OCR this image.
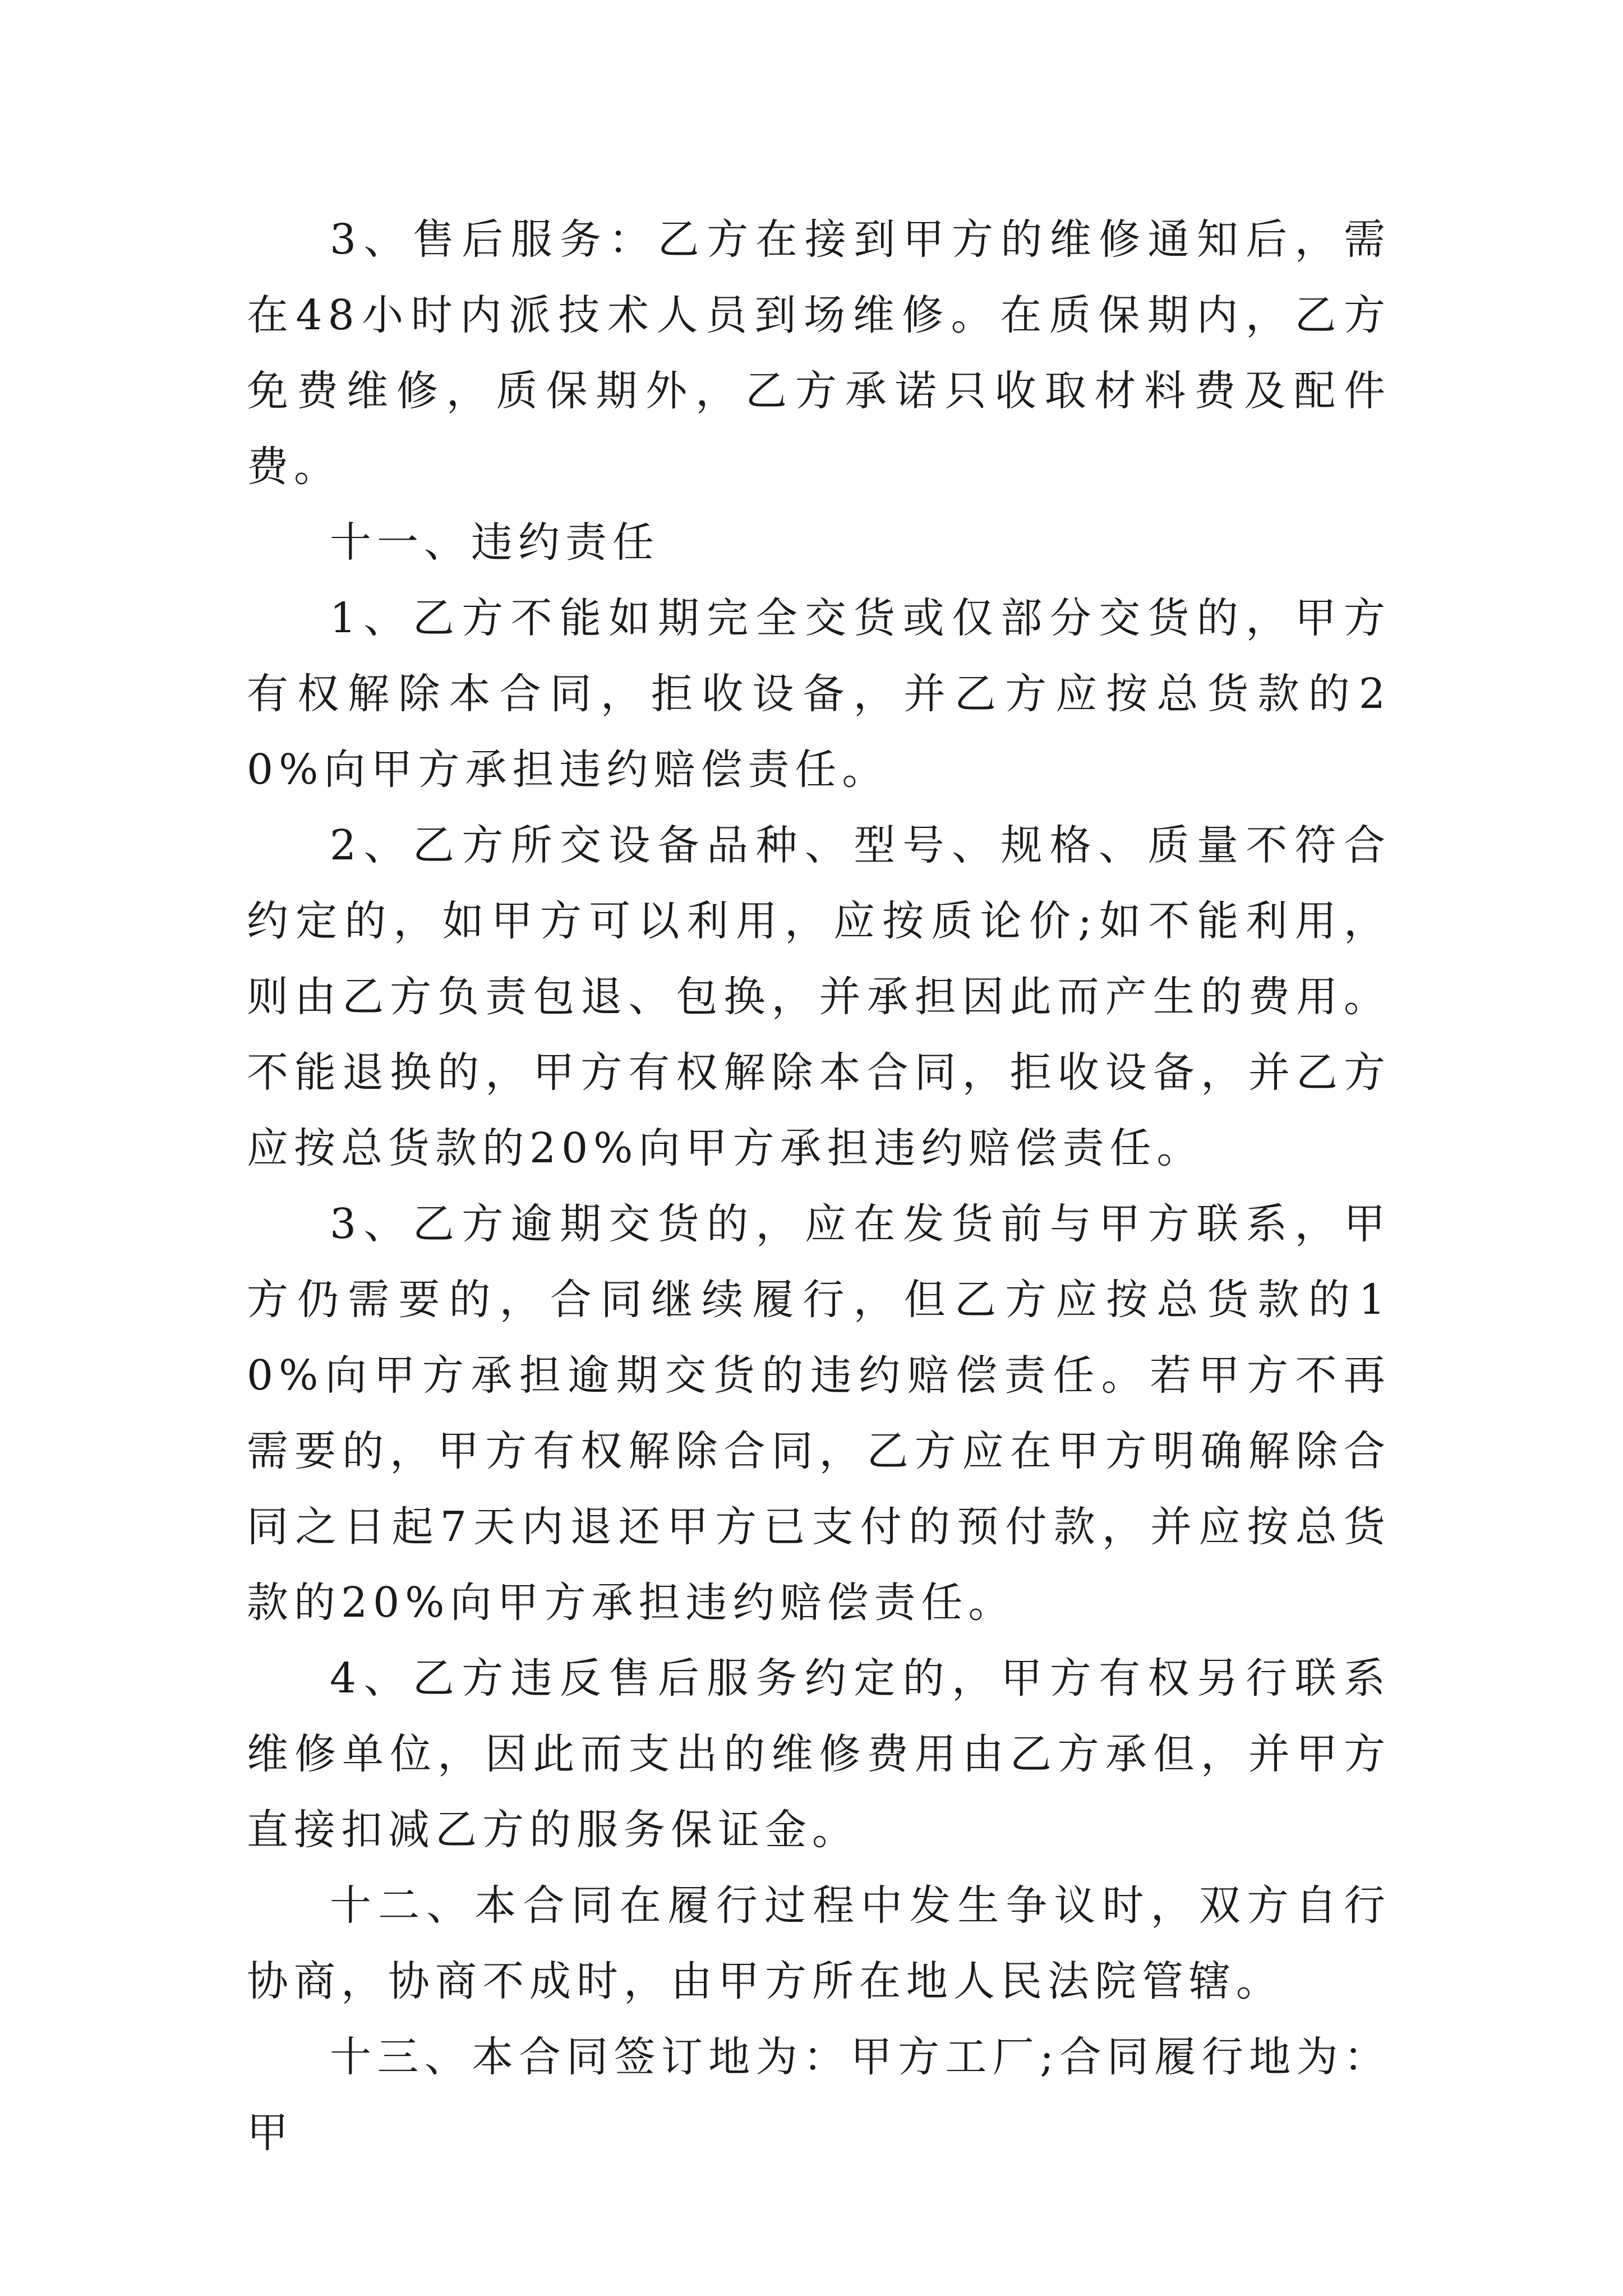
3、售后服务：乙方在接到甲方的维修通知后，需在48小时内派技术人员到场维修。在质保期内，乙方免费维修，质保期外，乙方承诺只收取材料费及配件费。

十一、违约责任

1、乙方不能如期完全交货或仅部分交货的，甲方有权解除本合同，拒收设备，并乙方应按总货款的20%向甲方承担违约赔偿责任。

2、乙方所交设备品种、型号、规格、质量不符合约定的，如甲方可以利用，应按质论价;如不能利用，则由乙方负责包退、包换，并承担因此而产生的费用。不能退换的，甲方有权解除本合同，拒收设备，并乙方应按总货款的20%向甲方承担违约赔偿责任。

3、乙方逾期交货的，应在发货前与甲方联系，甲方仍需要的，合同继续履行，但乙方应按总货款的10%向甲方承担逾期交货的违约赔偿责任。若甲方不再需要的，甲方有权解除合同，乙方应在甲方明确解除合同之日起7天内退还甲方已支付的预付款，并应按总货款的20%向甲方承担违约赔偿责任。

4、乙方违反售后服务约定的，甲方有权另行联系维修单位，因此而支出的维修费用由乙方承但，并甲方直接扣减乙方的服务保证金。

十二、本合同在履行过程中发生争议时，双方自行协商，协商不成时，由甲方所在地人民法院管辖。

十三、本合同签订地为：甲方工厂;合同履行地为：甲
